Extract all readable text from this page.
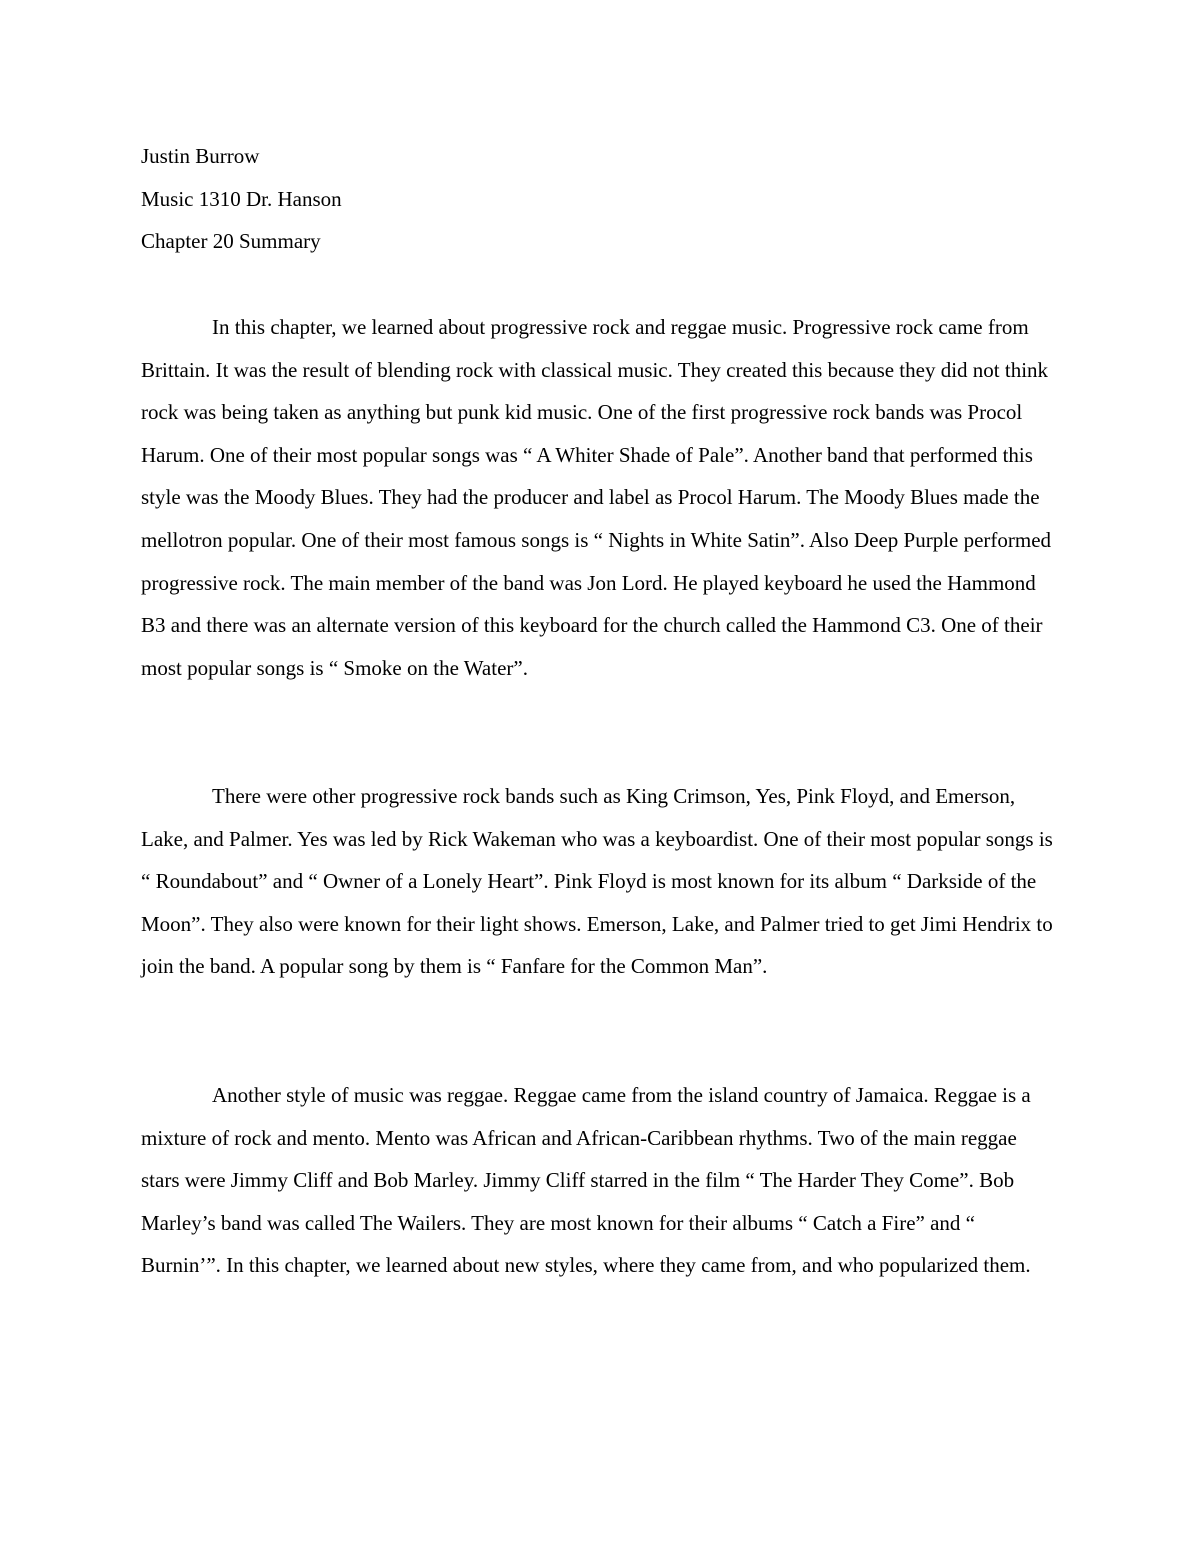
Justin Burrow

Music 1310 Dr. Hanson

Chapter 20 Summary

In this chapter, we learned about progressive rock and reggae music. Progressive rock came from Brittain. It was the result of blending rock with classical music. They created this because they did not think rock was being taken as anything but punk kid music. One of the first progressive rock bands was Procol Harum. One of their most popular songs was “ A Whiter Shade of Pale”. Another band that performed this style was the Moody Blues. They had the producer and label as Procol Harum. The Moody Blues made the mellotron popular. One of their most famous songs is “ Nights in White Satin”. Also Deep Purple performed progressive rock. The main member of the band was Jon Lord. He played keyboard he used the Hammond B3 and there was an alternate version of this keyboard for the church called the Hammond C3. One of their most popular songs is “ Smoke on the Water”.

There were other progressive rock bands such as King Crimson, Yes, Pink Floyd, and Emerson, Lake, and Palmer. Yes was led by Rick Wakeman who was a keyboardist. One of their most popular songs is “ Roundabout” and “ Owner of a Lonely Heart”. Pink Floyd is most known for its album “ Darkside of the Moon”. They also were known for their light shows. Emerson, Lake, and Palmer tried to get Jimi Hendrix to join the band. A popular song by them is “ Fanfare for the Common Man”.

Another style of music was reggae. Reggae came from the island country of Jamaica. Reggae is a mixture of rock and mento. Mento was African and African-Caribbean rhythms. Two of the main reggae stars were Jimmy Cliff and Bob Marley. Jimmy Cliff starred in the film “ The Harder They Come”. Bob Marley’s band was called The Wailers. They are most known for their albums “ Catch a Fire” and “ Burnin’”. In this chapter, we learned about new styles, where they came from, and who popularized them.
